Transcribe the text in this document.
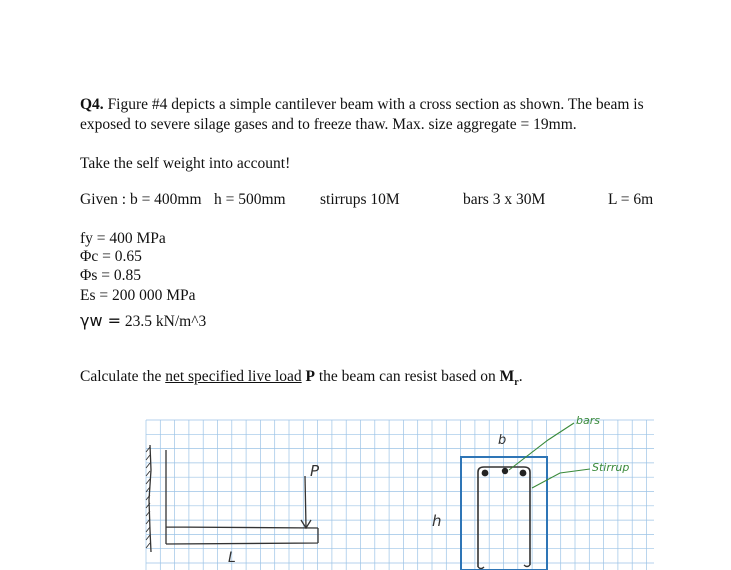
Q4. Figure #4 depicts a simple cantilever beam with a cross section as shown. The beam is
exposed to severe silage gases and to freeze thaw. Max. size aggregate = 19mm.
Take the self weight into account!
Given : b = 400mm h = 500mm stirrups 10M	bars 3 x 30M	L = 6m
fy = 400 MPa
Φc = 0.65
Φs = 0.85
Es = 200 000 MPa
γw = 23.5 kN/m^3
Calculate the net specified live load P the beam can resist based on $M_r$.
P
L
h
b
bars
Stirrup
